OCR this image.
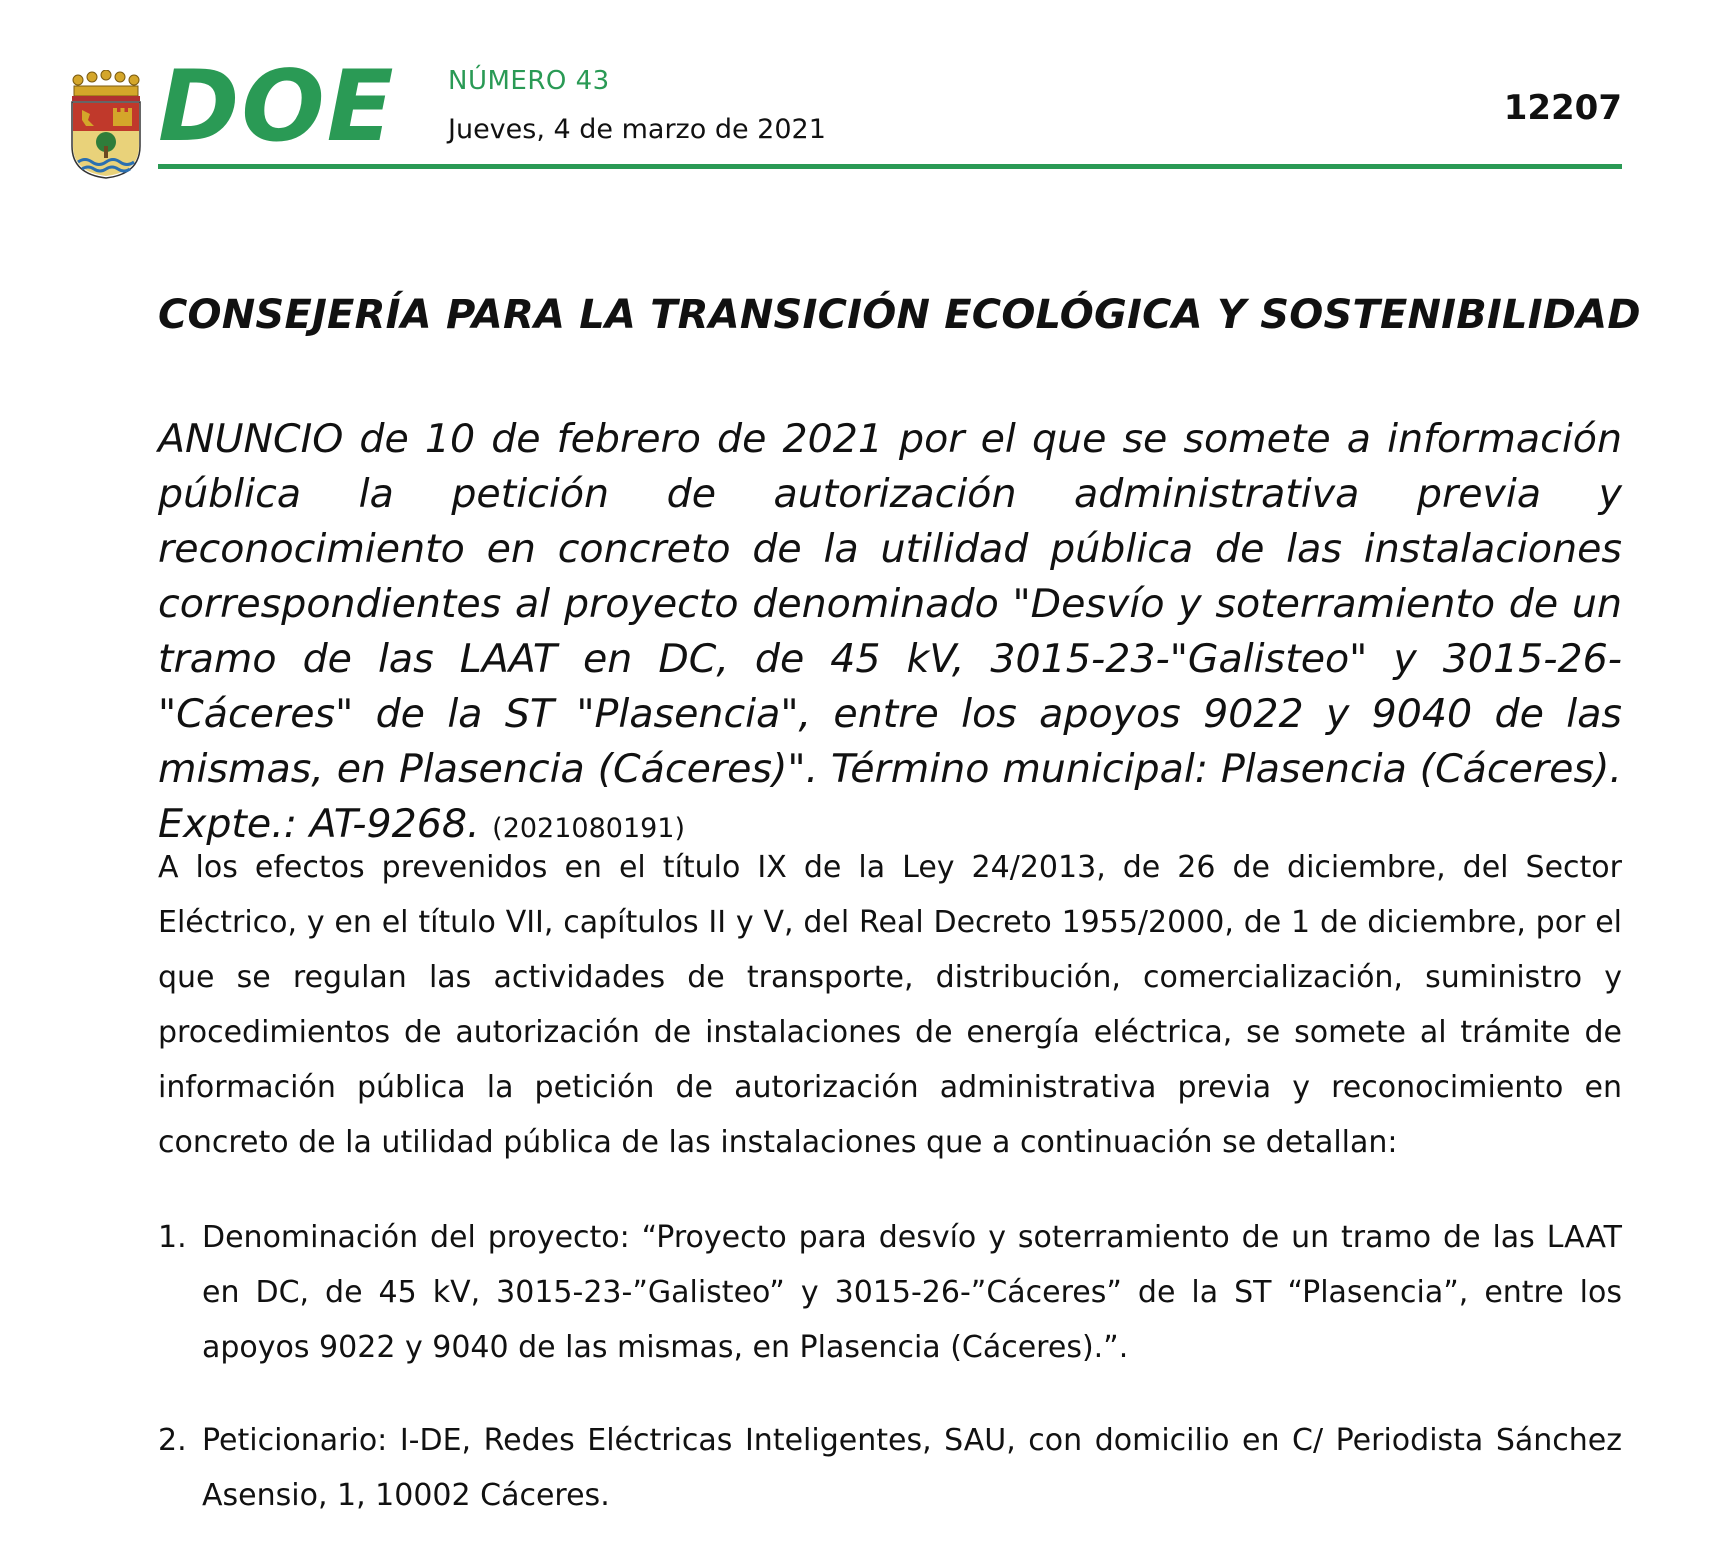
DOE NÚMERO 43
Jueves, 4 de marzo de 2021
12207
CONSEJERÍA PARA LA TRANSICIÓN ECOLÓGICA Y SOSTENIBILIDAD
ANUNCIO de 10 de febrero de 2021 por el que se somete a información pública la petición de autorización administrativa previa y reconocimiento en concreto de la utilidad pública de las instalaciones correspondientes al proyecto denominado "Desvío y soterramiento de un tramo de las LAAT en DC, de 45 kV, 3015-23-"Galisteo" y 3015-26-"Cáceres" de la ST "Plasencia", entre los apoyos 9022 y 9040 de las mismas, en Plasencia (Cáceres)". Término municipal: Plasencia (Cáceres). Expte.: AT-9268. (2021080191)
A los efectos prevenidos en el título IX de la Ley 24/2013, de 26 de diciembre, del Sector Eléctrico, y en el título VII, capítulos II y V, del Real Decreto 1955/2000, de 1 de diciembre, por el que se regulan las actividades de transporte, distribución, comercialización, suministro y procedimientos de autorización de instalaciones de energía eléctrica, se somete al trámite de información pública la petición de autorización administrativa previa y reconocimiento en concreto de la utilidad pública de las instalaciones que a continuación se detallan:
1. Denominación del proyecto: “Proyecto para desvío y soterramiento de un tramo de las LAAT en DC, de 45 kV, 3015-23-”Galisteo” y 3015-26-”Cáceres” de la ST “Plasencia”, entre los apoyos 9022 y 9040 de las mismas, en Plasencia (Cáceres).”.
2. Peticionario: I-DE, Redes Eléctricas Inteligentes, SAU, con domicilio en C/ Periodista Sánchez Asensio, 1, 10002 Cáceres.
